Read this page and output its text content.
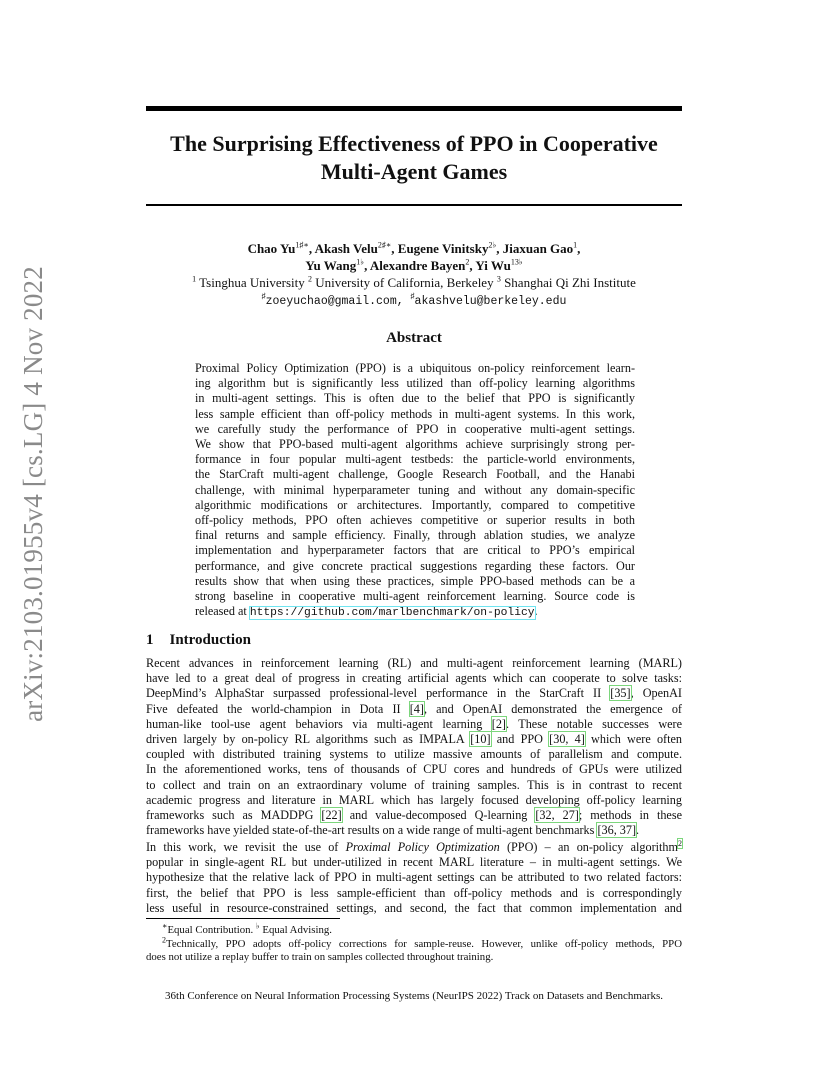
arXiv:2103.01955v4 [cs.LG] 4 Nov 2022
The Surprising Effectiveness of PPO in Cooperative
Multi-Agent Games
Chao $Yu^{1♯∗}$, Akash Velu$^{2♯∗}$, Eugene Vinitsky$^{2♭}$, Jiaxuan Gao$^1$,
Yu Wang$^{1♭}$, Alexandre Bayen$^2$, Yi $Wu^{13♭}$
$^1$ Tsinghua University $^2$ University of California, Berkeley $^3$ Shanghai Qi Zhi Institute
♯zoeyuchao@gmail.com, ♯akashvelu@berkeley.edu
Abstract
Proximal Policy Optimization (PPO) is a ubiquitous on-policy reinforcement learn-
ing algorithm but is significantly less utilized than off-policy learning algorithms
in multi-agent settings. This is often due to the belief that PPO is significantly
less sample efficient than off-policy methods in multi-agent systems. In this work,
we carefully study the performance of PPO in cooperative multi-agent settings.
We show that PPO-based multi-agent algorithms achieve surprisingly strong per-
formance in four popular multi-agent testbeds: the particle-world environments,
the StarCraft multi-agent challenge, Google Research Football, and the Hanabi
challenge, with minimal hyperparameter tuning and without any domain-specific
algorithmic modifications or architectures. Importantly, compared to competitive
off-policy methods, PPO often achieves competitive or superior results in both
final returns and sample efficiency. Finally, through ablation studies, we analyze
implementation and hyperparameter factors that are critical to PPO’s empirical
performance, and give concrete practical suggestions regarding these factors. Our
results show that when using these practices, simple PPO-based methods can be a
strong baseline in cooperative multi-agent reinforcement learning. Source code is
released at https://github.com/marlbenchmark/on-policy.
1 Introduction
Recent advances in reinforcement learning (RL) and multi-agent reinforcement learning (MARL)
have led to a great deal of progress in creating artificial agents which can cooperate to solve tasks:
DeepMind’s AlphaStar surpassed professional-level performance in the StarCraft II [35], OpenAI
Five defeated the world-champion in Dota II [4], and OpenAI demonstrated the emergence of
human-like tool-use agent behaviors via multi-agent learning [2]. These notable successes were
driven largely by on-policy RL algorithms such as IMPALA [10] and PPO [30, 4] which were often
coupled with distributed training systems to utilize massive amounts of parallelism and compute.
In the aforementioned works, tens of thousands of CPU cores and hundreds of GPUs were utilized
to collect and train on an extraordinary volume of training samples. This is in contrast to recent
academic progress and literature in MARL which has largely focused developing off-policy learning
frameworks such as MADDPG [22] and value-decomposed Q-learning [32, 27]; methods in these
frameworks have yielded state-of-the-art results on a wide range of multi-agent benchmarks [36, 37].
In this work, we revisit the use of Proximal Policy Optimization (PPO) – an on-policy algorithm$^2$
popular in single-agent RL but under-utilized in recent MARL literature – in multi-agent settings. We
hypothesize that the relative lack of PPO in multi-agent settings can be attributed to two related factors:
first, the belief that PPO is less sample-efficient than off-policy methods and is correspondingly
less useful in resource-constrained settings, and second, the fact that common implementation and
∗Equal Contribution. ♭ Equal Advising.
$^2$Technically, PPO adopts off-policy corrections for sample-reuse. However, unlike off-policy methods, PPO
does not utilize a replay buffer to train on samples collected throughout training.
36th Conference on Neural Information Processing Systems (NeurIPS 2022) Track on Datasets and Benchmarks.
